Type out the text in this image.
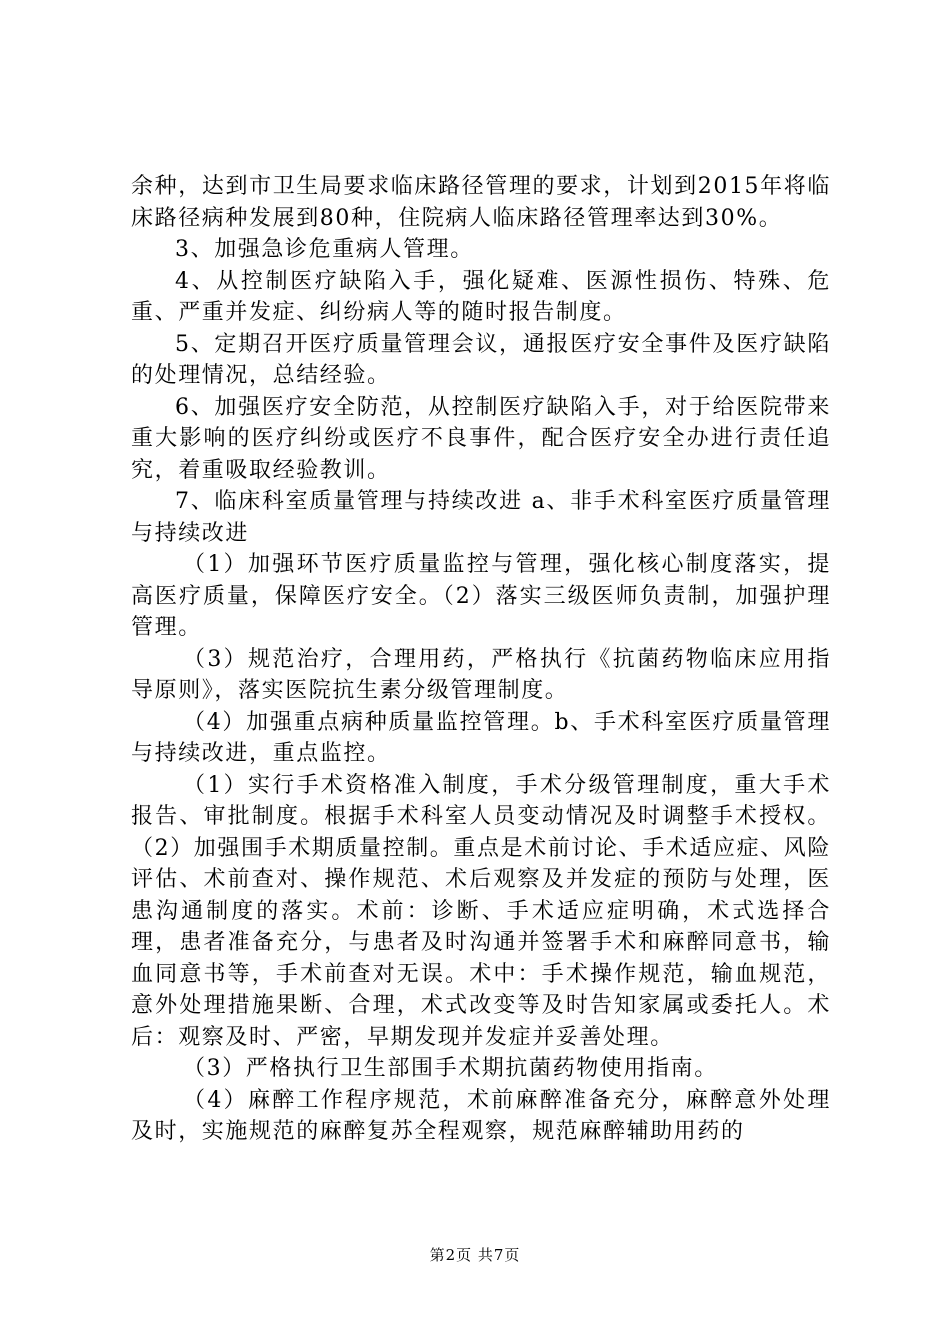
余种，达到市卫生局要求临床路径管理的要求，计划到2015年将临床路径病种发展到80种，住院病人临床路径管理率达到30%。

3、加强急诊危重病人管理。

4、从控制医疗缺陷入手，强化疑难、医源性损伤、特殊、危重、严重并发症、纠纷病人等的随时报告制度。

5、定期召开医疗质量管理会议，通报医疗安全事件及医疗缺陷的处理情况，总结经验。

6、加强医疗安全防范，从控制医疗缺陷入手，对于给医院带来重大影响的医疗纠纷或医疗不良事件，配合医疗安全办进行责任追究，着重吸取经验教训。

7、临床科室质量管理与持续改进 a、非手术科室医疗质量管理与持续改进

（1）加强环节医疗质量监控与管理，强化核心制度落实，提高医疗质量，保障医疗安全。（2）落实三级医师负责制，加强护理管理。

（3）规范治疗，合理用药，严格执行《抗菌药物临床应用指导原则》，落实医院抗生素分级管理制度。

（4）加强重点病种质量监控管理。b、手术科室医疗质量管理与持续改进，重点监控。

（1）实行手术资格准入制度，手术分级管理制度，重大手术报告、审批制度。根据手术科室人员变动情况及时调整手术授权。（2）加强围手术期质量控制。重点是术前讨论、手术适应症、风险评估、术前查对、操作规范、术后观察及并发症的预防与处理，医患沟通制度的落实。术前：诊断、手术适应症明确，术式选择合理，患者准备充分，与患者及时沟通并签署手术和麻醉同意书，输血同意书等，手术前查对无误。术中：手术操作规范，输血规范，意外处理措施果断、合理，术式改变等及时告知家属或委托人。术后：观察及时、严密，早期发现并发症并妥善处理。

（3）严格执行卫生部围手术期抗菌药物使用指南。

（4）麻醉工作程序规范，术前麻醉准备充分，麻醉意外处理及时，实施规范的麻醉复苏全程观察，规范麻醉辅助用药的

第2页 共7页
